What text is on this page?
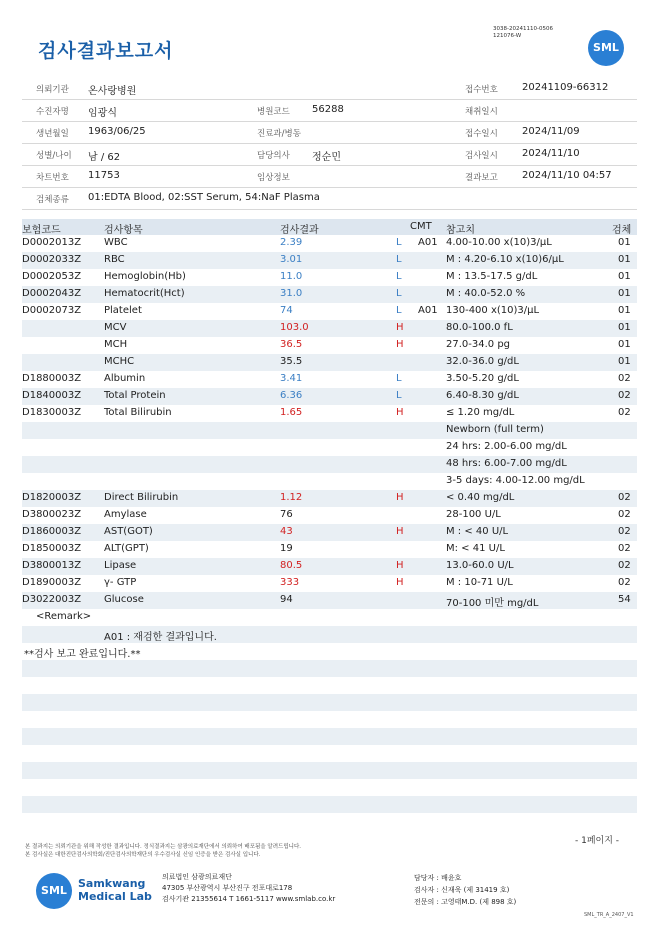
검사결과보고서
3038-20241110-0506
121076-W
SML
의뢰기관 온사랑병원	접수번호 20241109-66312
수진자명 임광식	병원코드 56288	채취일시
생년월일 1963/06/25	진료과/병동	접수일시 2024/11/09
성별/나이 남 / 62	담당의사 정순민	검사일시 2024/11/10
차트번호 11753	임상정보	결과보고 2024/11/10 04:57
검체종류 01:EDTA Blood, 02:SST Serum, 54:NaF Plasma
보험코드	검사항목	검사결과	CMT 참고치	검체
D0002013Z WBC	2.39	L A01 4.00-10.00 x(10)3/μL	01
D0002033Z RBC	3.01	L	M : 4.20-6.10 x(10)6/μL	01
D0002053Z Hemoglobin(Hb)	11.0	L	M : 13.5-17.5 g/dL	01
D0002043Z Hematocrit(Hct)	31.0	L	M : 40.0-52.0 %	01
D0002073Z Platelet	74	L A01 130-400 x(10)3/μL	01
MCV	103.0	H	80.0-100.0 fL	01
MCH	36.5	H	27.0-34.0 pg	01
MCHC	35.5	32.0-36.0 g/dL	01
D1880003Z Albumin	3.41	L	3.50-5.20 g/dL	02
D1840003Z Total Protein	6.36	L	6.40-8.30 g/dL	02
D1830003Z Total Bilirubin	1.65	H	≤ 1.20 mg/dL	02
Newborn (full term)
24 hrs: 2.00-6.00 mg/dL
48 hrs: 6.00-7.00 mg/dL
3-5 days: 4.00-12.00 mg/dL
D1820003Z Direct Bilirubin	1.12	H	< 0.40 mg/dL	02
D3800023Z Amylase	76	28-100 U/L	02
D1860003Z AST(GOT)	43	H	M : < 40 U/L	02
D1850003Z ALT(GPT)	19	M: < 41 U/L	02
D3800013Z Lipase	80.5	H	13.0-60.0 U/L	02
D1890003Z γ- GTP	333	H	M : 10-71 U/L	02
D3022003Z Glucose	94	70-100 미만 mg/dL	54
<Remark>
A01 : 재검한 결과입니다.
**검사 보고 완료입니다.**
본 결과지는 의뢰기관을 위해 작성한 결과입니다. 정식결과지는 삼광의료재단에서 의뢰하여 배포됨을 알려드립니다.
본 검사실은 대한진단검사의학회/진단검사의학재단의 우수검사실 신임 인증을 받은 검사실 입니다.
- 1페이지 -
SML
Samkwang
Medical Lab
의료법인 삼광의료재단
47305 부산광역시 부산진구 전포대로178
검사기관 21355614 T 1661-5117 www.smlab.co.kr
담당자 : 배윤호
검사자 : 신재욱 (제 31419 호)
전문의 : 고영태M.D. (제 898 호)
SML_TR_A_2407_V1
